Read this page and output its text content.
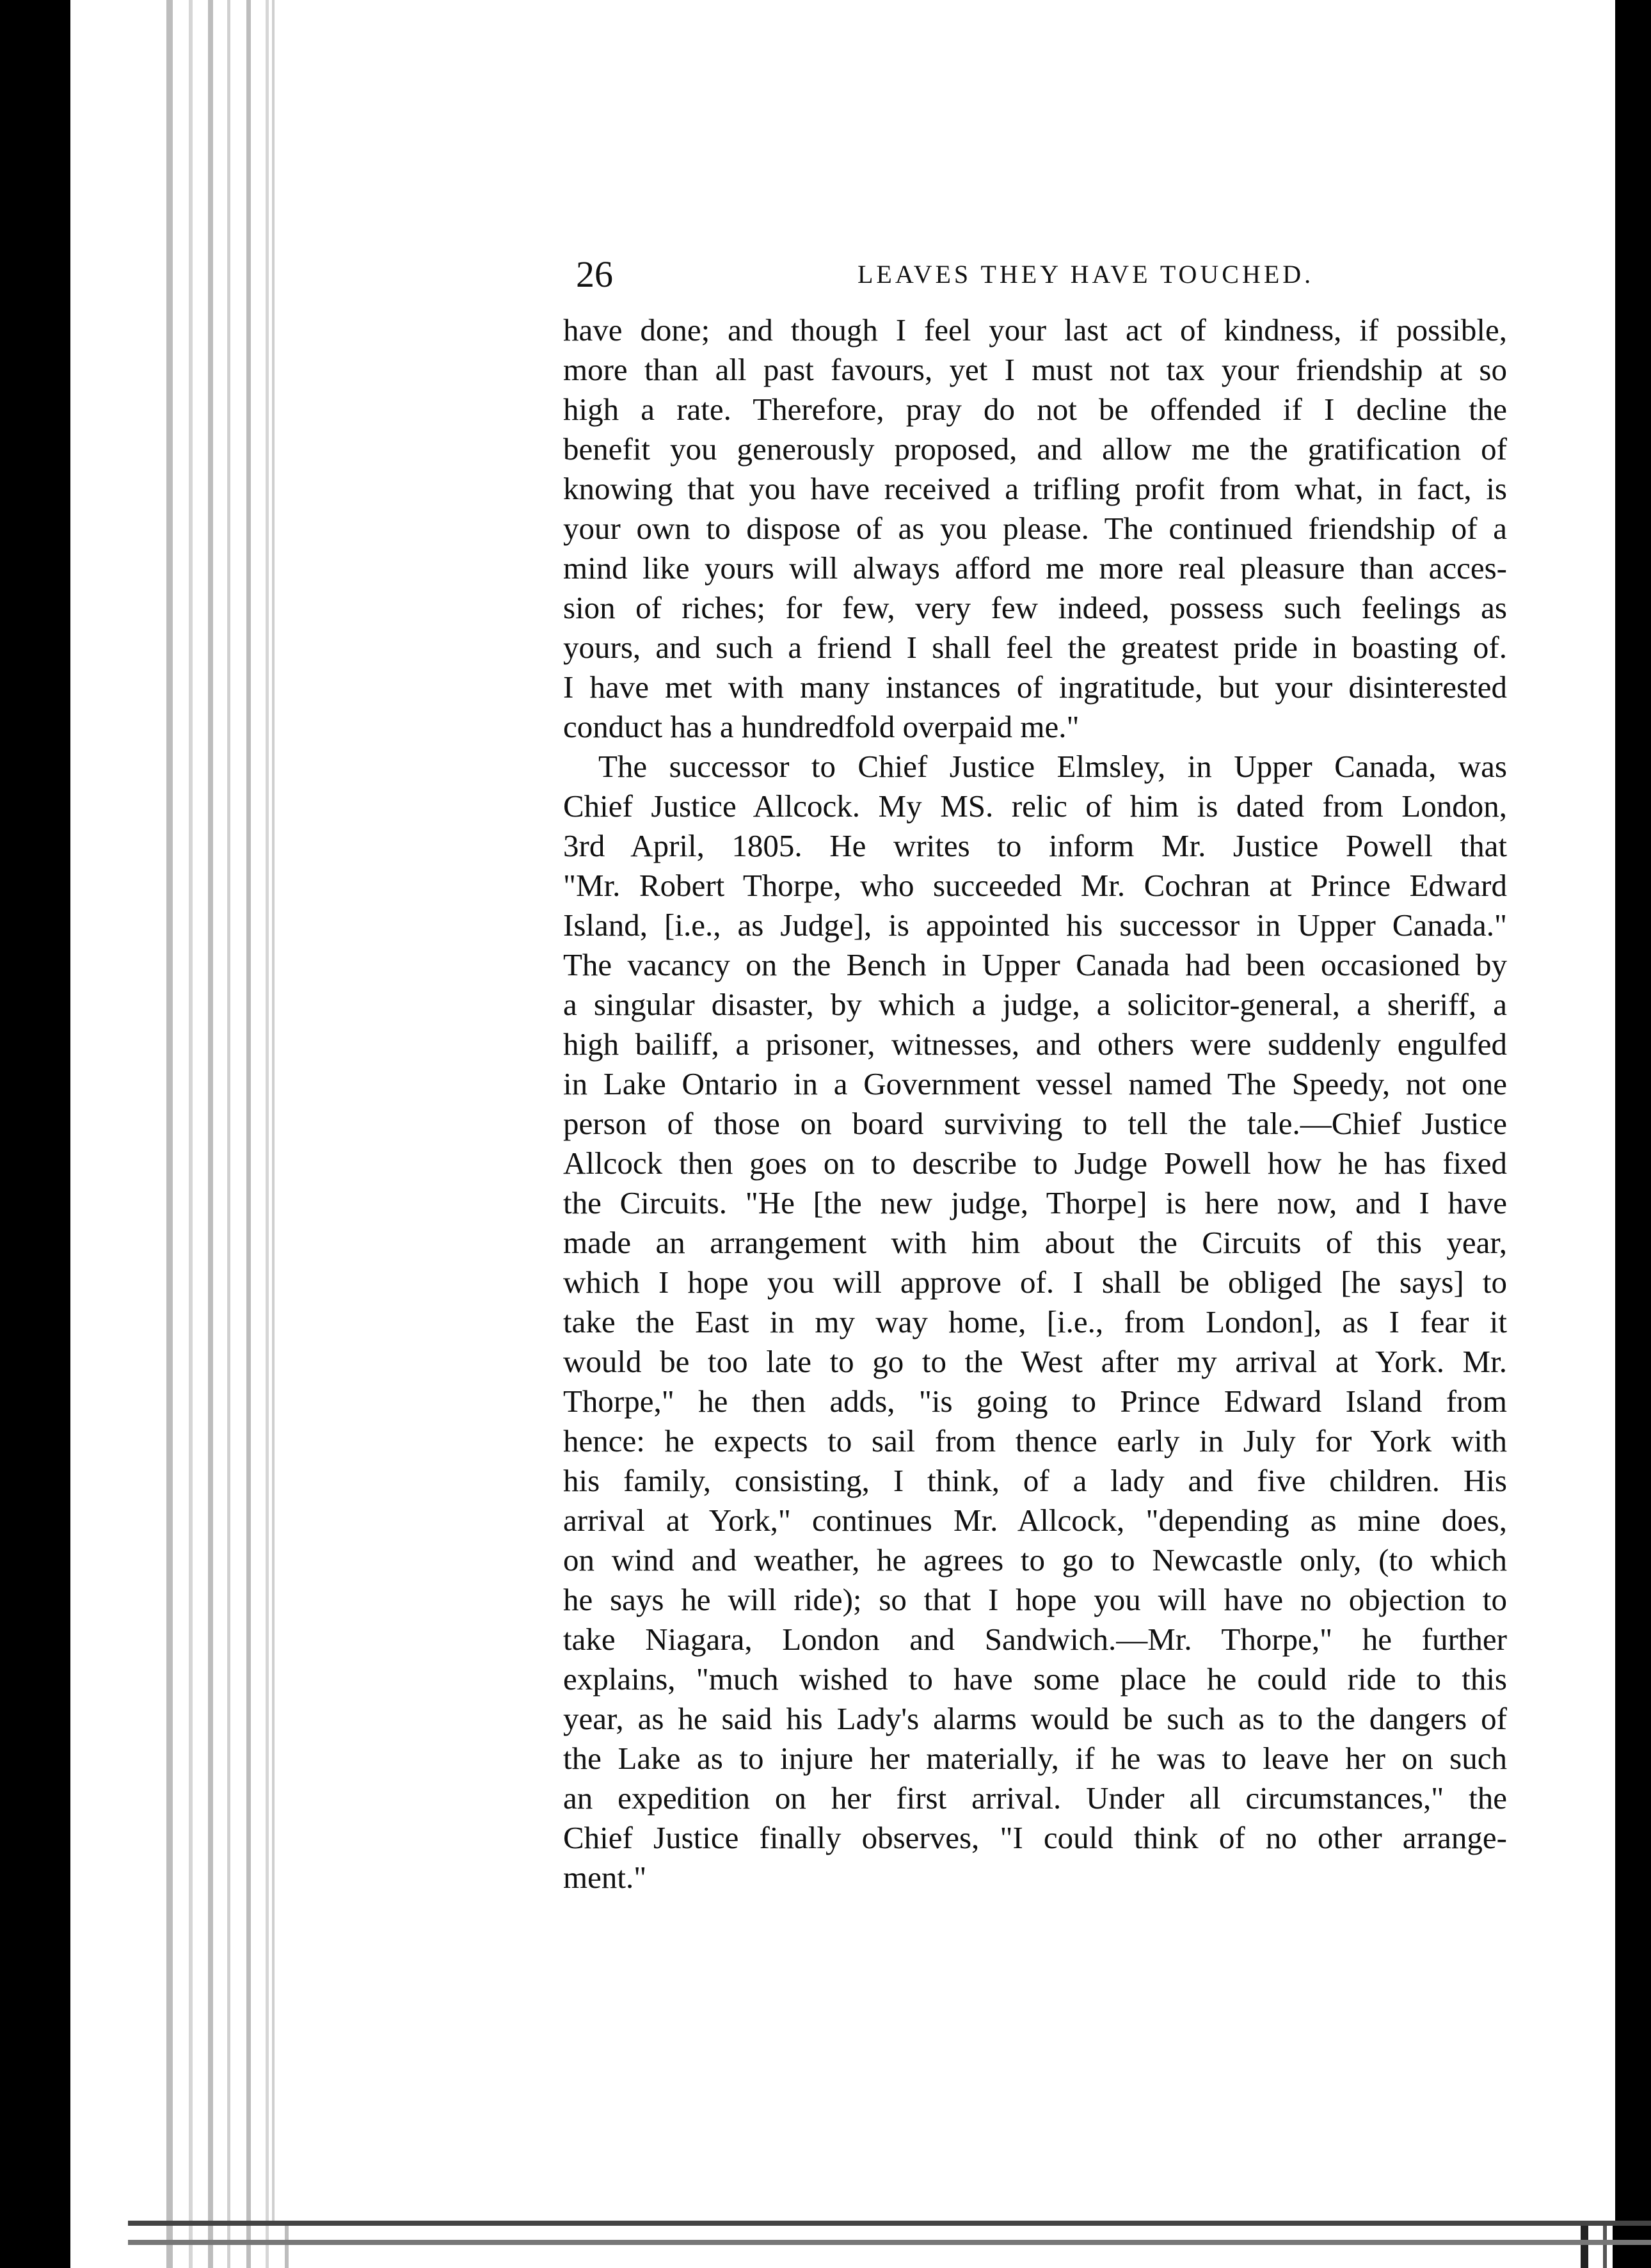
26	LEAVES THEY HAVE TOUCHED.
have done; and though I feel your last act of kindness, if possible,
more than all past favours, yet I must not tax your friendship at so
high a rate. Therefore, pray do not be offended if I decline the
benefit you generously proposed, and allow me the gratification of
knowing that you have received a trifling profit from what, in fact, is
your own to dispose of as you please. The continued friendship of a
mind like yours will always afford me more real pleasure than acces-
sion of riches; for few, very few indeed, possess such feelings as
yours, and such a friend I shall feel the greatest pride in boasting of.
I have met with many instances of ingratitude, but your disinterested
conduct has a hundredfold overpaid me."
The successor to Chief Justice Elmsley, in Upper Canada, was
Chief Justice Allcock. My MS. relic of him is dated from London,
3rd April, 1805. He writes to inform Mr. Justice Powell that
"Mr. Robert Thorpe, who succeeded Mr. Cochran at Prince Edward
Island, [i.e., as Judge], is appointed his successor in Upper Canada."
The vacancy on the Bench in Upper Canada had been occasioned by
a singular disaster, by which a judge, a solicitor-general, a sheriff, a
high bailiff, a prisoner, witnesses, and others were suddenly engulfed
in Lake Ontario in a Government vessel named The Speedy, not one
person of those on board surviving to tell the tale.—Chief Justice
Allcock then goes on to describe to Judge Powell how he has fixed
the Circuits. "He [the new judge, Thorpe] is here now, and I have
made an arrangement with him about the Circuits of this year,
which I hope you will approve of. I shall be obliged [he says] to
take the East in my way home, [i.e., from London], as I fear it
would be too late to go to the West after my arrival at York. Mr.
Thorpe," he then adds, "is going to Prince Edward Island from
hence: he expects to sail from thence early in July for York with
his family, consisting, I think, of a lady and five children. His
arrival at York," continues Mr. Allcock, "depending as mine does,
on wind and weather, he agrees to go to Newcastle only, (to which
he says he will ride); so that I hope you will have no objection to
take Niagara, London and Sandwich.—Mr. Thorpe," he further
explains, "much wished to have some place he could ride to this
year, as he said his Lady's alarms would be such as to the dangers of
the Lake as to injure her materially, if he was to leave her on such
an expedition on her first arrival. Under all circumstances," the
Chief Justice finally observes, "I could think of no other arrange-
ment."
